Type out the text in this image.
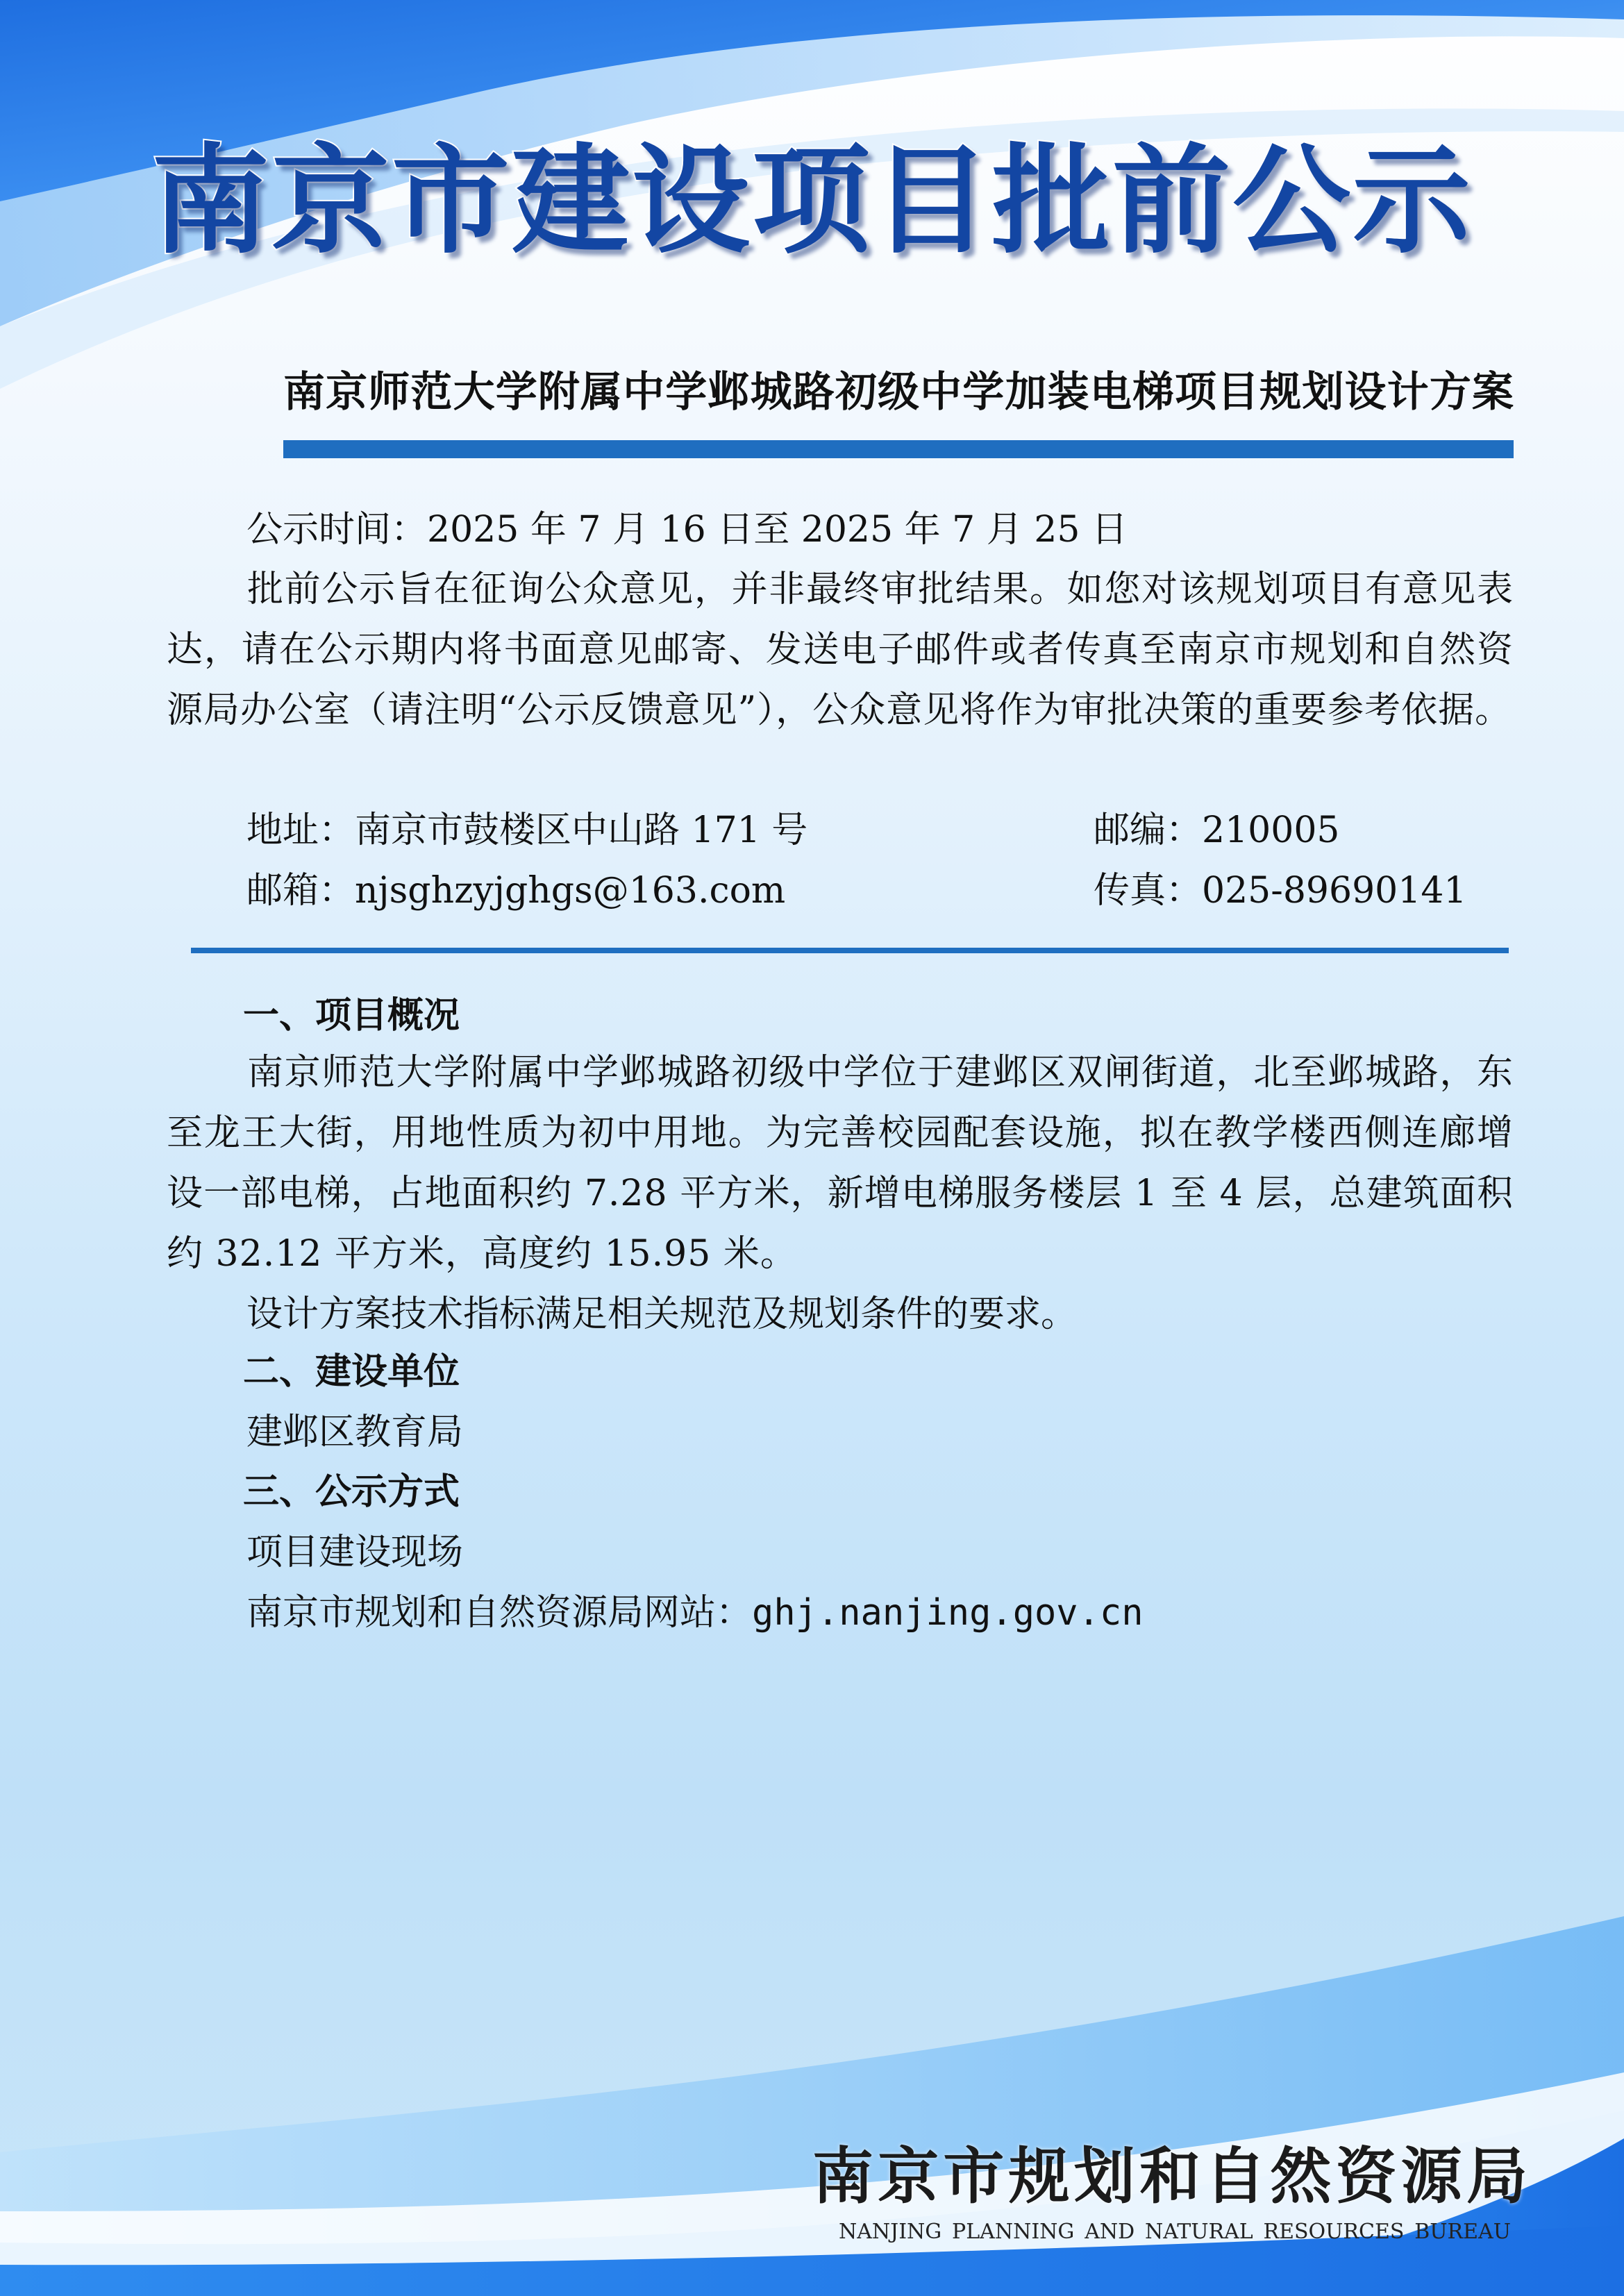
南京市建设项目批前公示
南京师范大学附属中学邺城路初级中学加装电梯项目规划设计方案
公示时间：2025 年 7 月 16 日至 2025 年 7 月 25 日
批前公示旨在征询公众意见，并非最终审批结果。如您对该规划项目有意见表达，请在公示期内将书面意见邮寄、发送电子邮件或者传真至南京市规划和自然资源局办公室（请注明“公示反馈意见”），公众意见将作为审批决策的重要参考依据。
地址：南京市鼓楼区中山路 171 号	邮编：210005
邮箱：njsghzyjghgs@163.com	传真：025-89690141
一、项目概况
南京师范大学附属中学邺城路初级中学位于建邺区双闸街道，北至邺城路，东至龙王大街，用地性质为初中用地。为完善校园配套设施，拟在教学楼西侧连廊增设一部电梯，占地面积约 7.28 平方米，新增电梯服务楼层 1 至 4 层，总建筑面积约 32.12 平方米，高度约 15.95 米。
设计方案技术指标满足相关规范及规划条件的要求。
二、建设单位
建邺区教育局
三、公示方式
项目建设现场
南京市规划和自然资源局网站：ghj.nanjing.gov.cn
南京市规划和自然资源局
NANJING PLANNING AND NATURAL RESOURCES BUREAU
